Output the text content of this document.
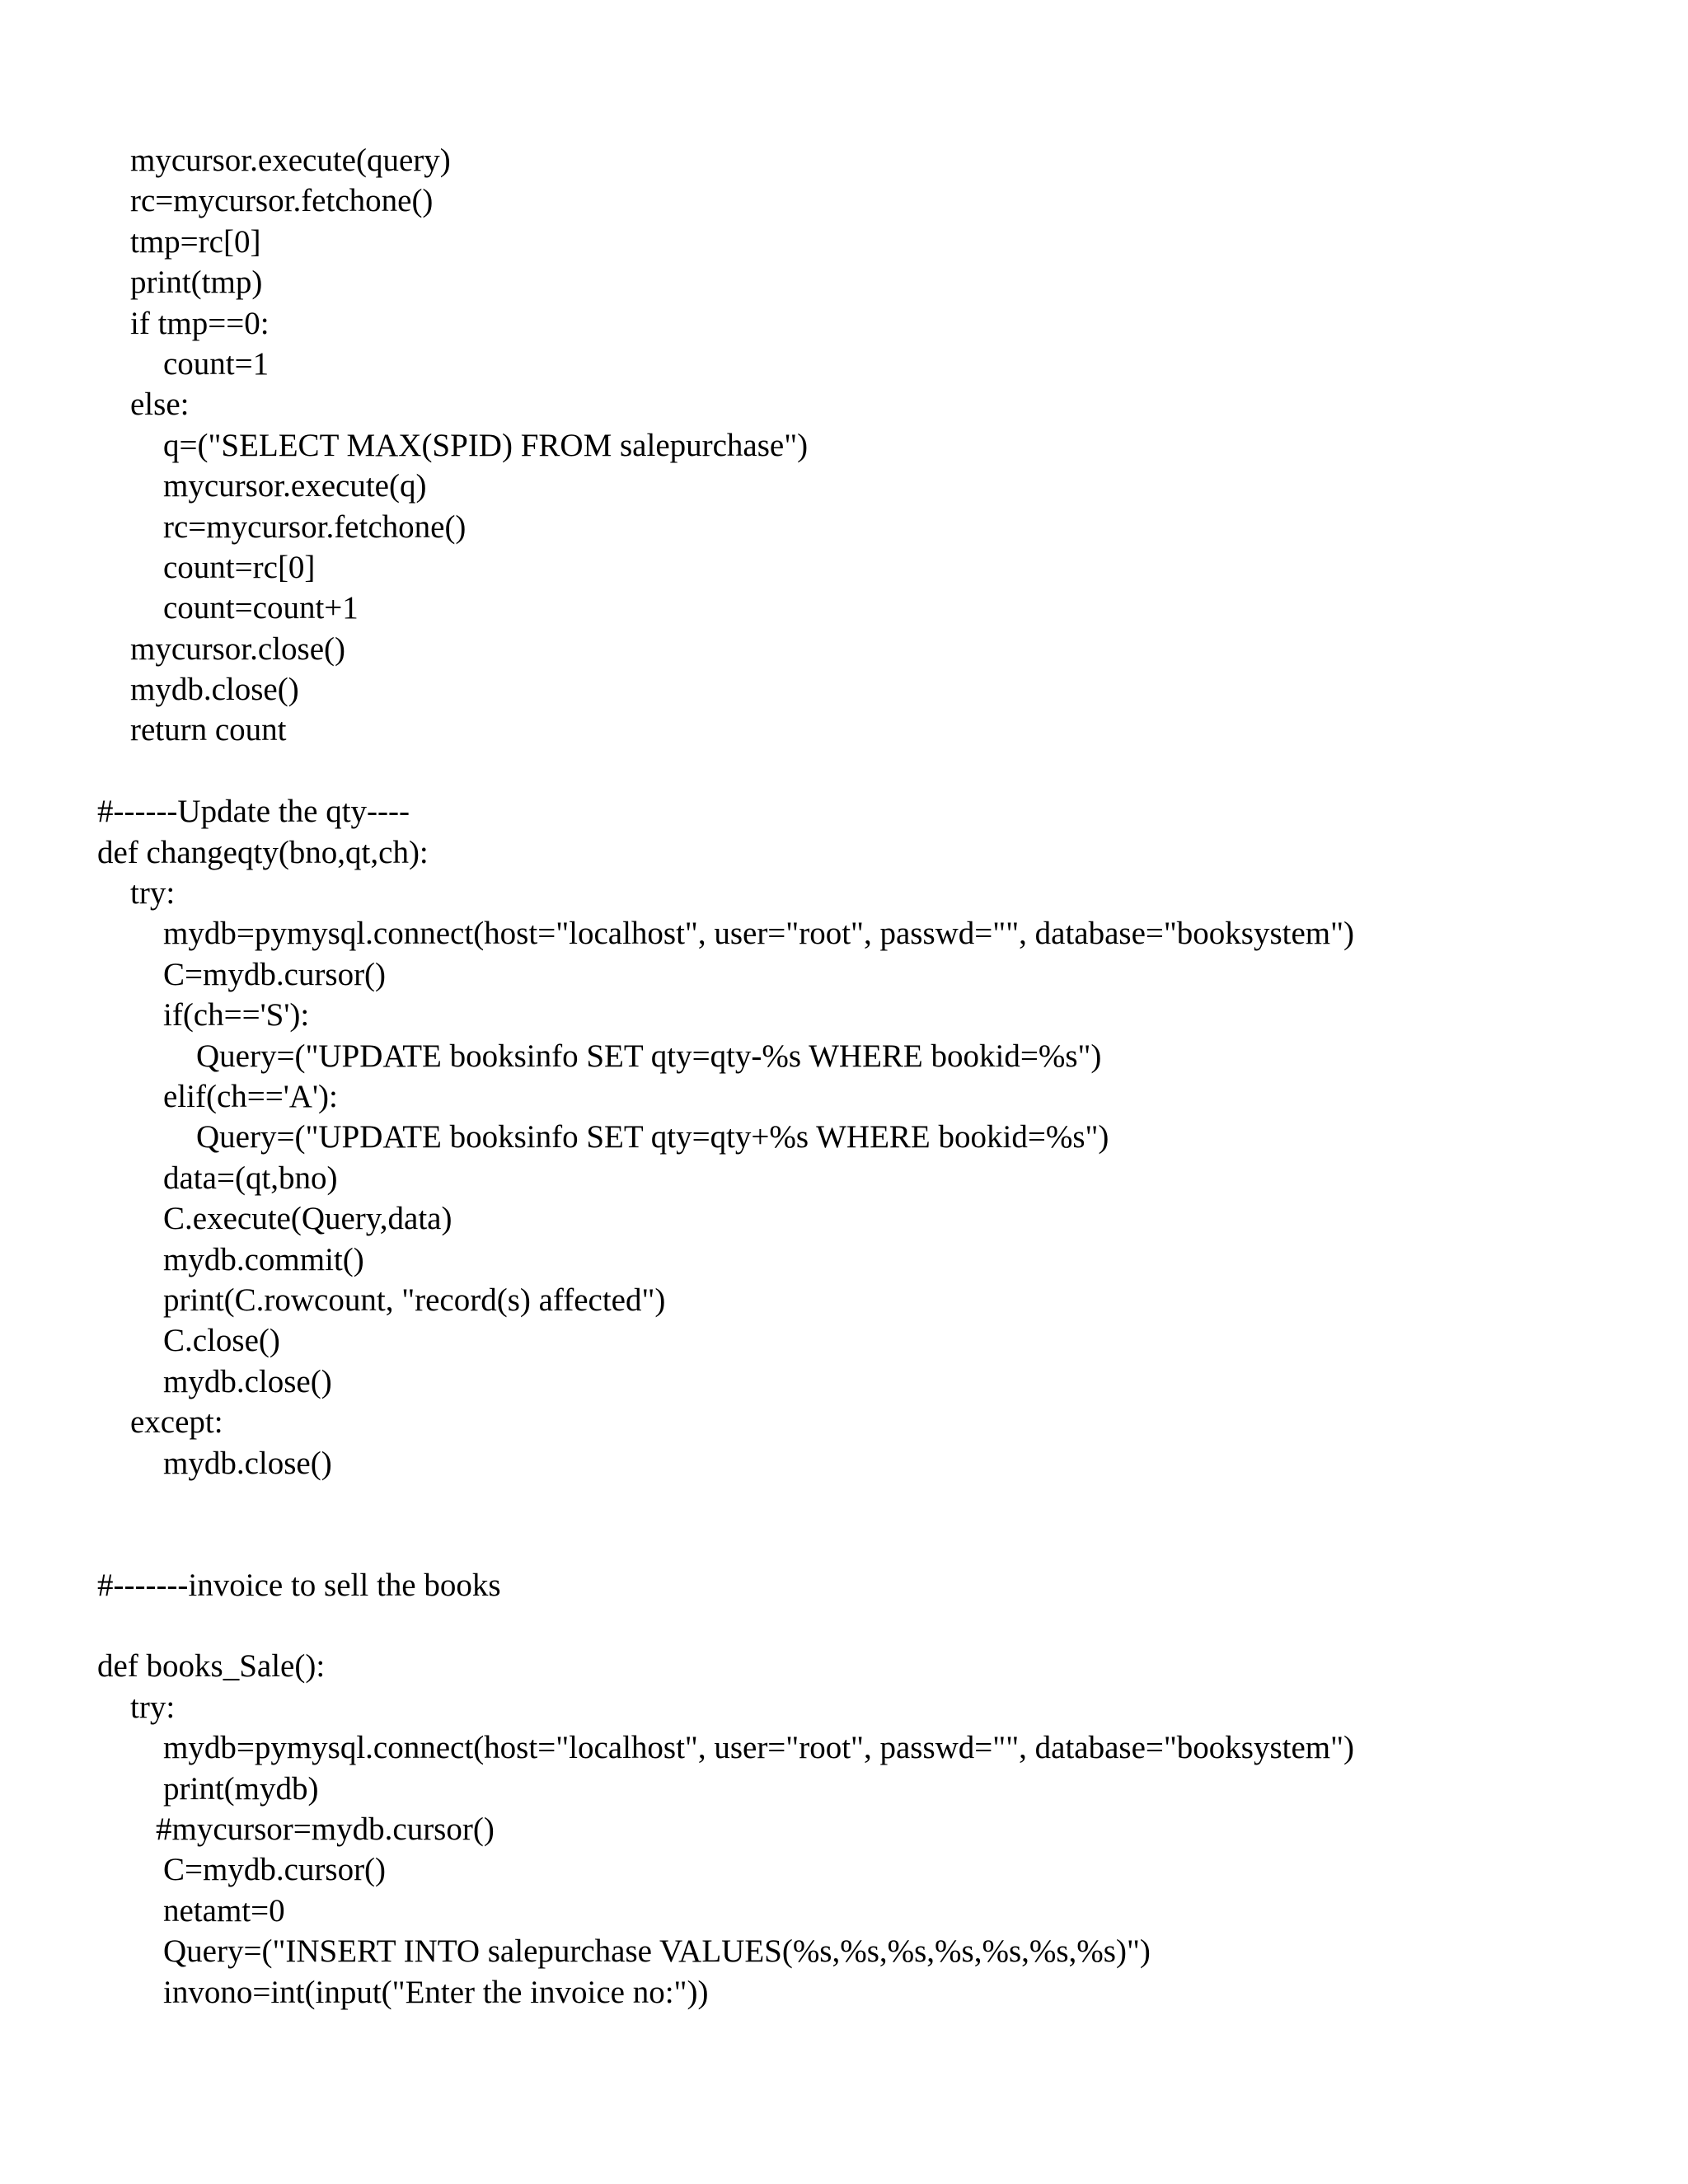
mycursor.execute(query)
rc=mycursor.fetchone()
tmp=rc[0]
print(tmp)
if tmp==0:
count=1
else:
q=("SELECT MAX(SPID) FROM salepurchase")
mycursor.execute(q)
rc=mycursor.fetchone()
count=rc[0]
count=count+1
mycursor.close()
mydb.close()
return count
#------Update the qty----
def changeqty(bno,qt,ch):
try:
mydb=pymysql.connect(host="localhost", user="root", passwd="", database="booksystem")
C=mydb.cursor()
if(ch=='S'):
Query=("UPDATE booksinfo SET qty=qty-%s WHERE bookid=%s")
elif(ch=='A'):
Query=("UPDATE booksinfo SET qty=qty+%s WHERE bookid=%s")
data=(qt,bno)
C.execute(Query,data)
mydb.commit()
print(C.rowcount, "record(s) affected")
C.close()
mydb.close()
except:
mydb.close()
#-------invoice to sell the books
def books_Sale():
try:
mydb=pymysql.connect(host="localhost", user="root", passwd="", database="booksystem")
print(mydb)
#mycursor=mydb.cursor()
C=mydb.cursor()
netamt=0
Query=("INSERT INTO salepurchase VALUES(%s,%s,%s,%s,%s,%s,%s)")
invono=int(input("Enter the invoice no:"))
